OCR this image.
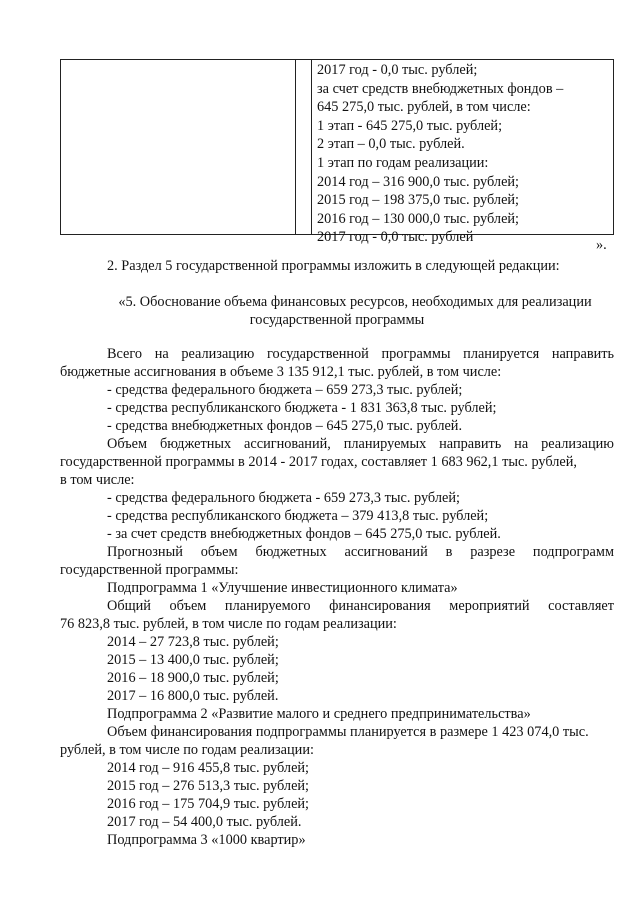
2017 год - 0,0 тыс. рублей;
за счет средств внебюджетных фондов –
645 275,0 тыс. рублей, в том числе:
1 этап - 645 275,0 тыс. рублей;
2 этап – 0,0 тыс. рублей.
1 этап по годам реализации:
2014 год – 316 900,0 тыс. рублей;
2015 год – 198 375,0 тыс. рублей;
2016 год – 130 000,0 тыс. рублей;
2017 год - 0,0 тыс. рублей	».
2. Раздел 5 государственной программы изложить в следующей редакции:
«5. Обоснование объема финансовых ресурсов, необходимых для реализации
государственной программы
Всего на реализацию государственной программы планируется направить
бюджетные ассигнования в объеме 3 135 912,1 тыс. рублей, в том числе:
- средства федерального бюджета – 659 273,3 тыс. рублей;
- средства республиканского бюджета - 1 831 363,8 тыс. рублей;
- средства внебюджетных фондов – 645 275,0 тыс. рублей.
Объем бюджетных ассигнований, планируемых направить на реализацию
государственной программы в 2014 - 2017 годах, составляет 1 683 962,1 тыс. рублей,
в том числе:
- средства федерального бюджета - 659 273,3 тыс. рублей;
- средства республиканского бюджета – 379 413,8 тыс. рублей;
- за счет средств внебюджетных фондов – 645 275,0 тыс. рублей.
Прогнозный объем бюджетных ассигнований в разрезе подпрограмм
государственной программы:
Подпрограмма 1 «Улучшение инвестиционного климата»
Общий объем планируемого финансирования мероприятий составляет
76 823,8 тыс. рублей, в том числе по годам реализации:
2014 – 27 723,8 тыс. рублей;
2015 – 13 400,0 тыс. рублей;
2016 – 18 900,0 тыс. рублей;
2017 – 16 800,0 тыс. рублей.
Подпрограмма 2 «Развитие малого и среднего предпринимательства»
Объем финансирования подпрограммы планируется в размере 1 423 074,0 тыс.
рублей, в том числе по годам реализации:
2014 год – 916 455,8 тыс. рублей;
2015 год – 276 513,3 тыс. рублей;
2016 год – 175 704,9 тыс. рублей;
2017 год – 54 400,0 тыс. рублей.
Подпрограмма 3 «1000 квартир»
